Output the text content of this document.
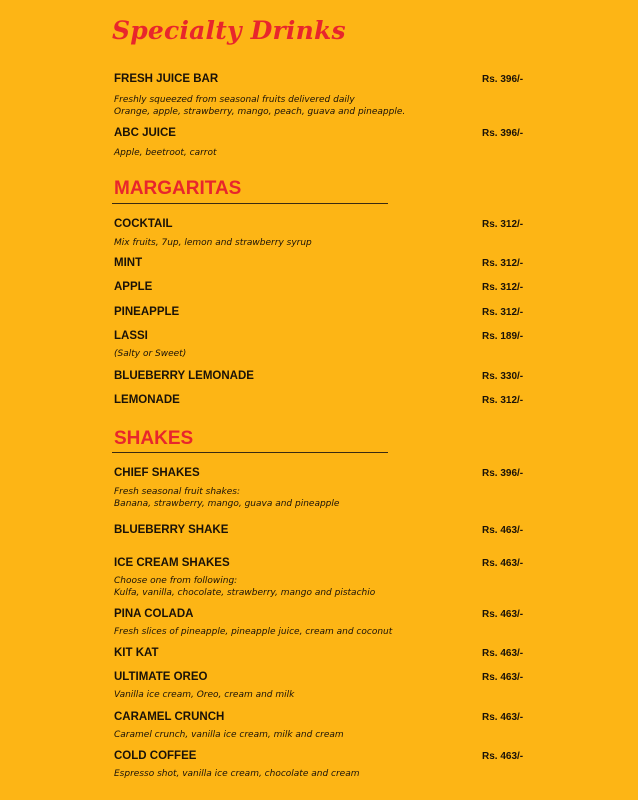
Specialty Drinks
FRESH JUICE BAR	Rs. 396/-
Freshly squeezed from seasonal fruits delivered daily
Orange, apple, strawberry, mango, peach, guava and pineapple.
ABC JUICE	Rs. 396/-
Apple, beetroot, carrot
MARGARITAS
COCKTAIL	Rs. 312/-
Mix fruits, 7up, lemon and strawberry syrup
MINT	Rs. 312/-
APPLE	Rs. 312/-
PINEAPPLE	Rs. 312/-
LASSI	Rs. 189/-
(Salty or Sweet)
BLUEBERRY LEMONADE	Rs. 330/-
LEMONADE	Rs. 312/-
SHAKES
CHIEF SHAKES	Rs. 396/-
Fresh seasonal fruit shakes:
Banana, strawberry, mango, guava and pineapple
BLUEBERRY SHAKE	Rs. 463/-
ICE CREAM SHAKES	Rs. 463/-
Choose one from following:
Kulfa, vanilla, chocolate, strawberry, mango and pistachio
PINA COLADA	Rs. 463/-
Fresh slices of pineapple, pineapple juice, cream and coconut
KIT KAT	Rs. 463/-
ULTIMATE OREO	Rs. 463/-
Vanilla ice cream, Oreo, cream and milk
CARAMEL CRUNCH	Rs. 463/-
Caramel crunch, vanilla ice cream, milk and cream
COLD COFFEE	Rs. 463/-
Espresso shot, vanilla ice cream, chocolate and cream
